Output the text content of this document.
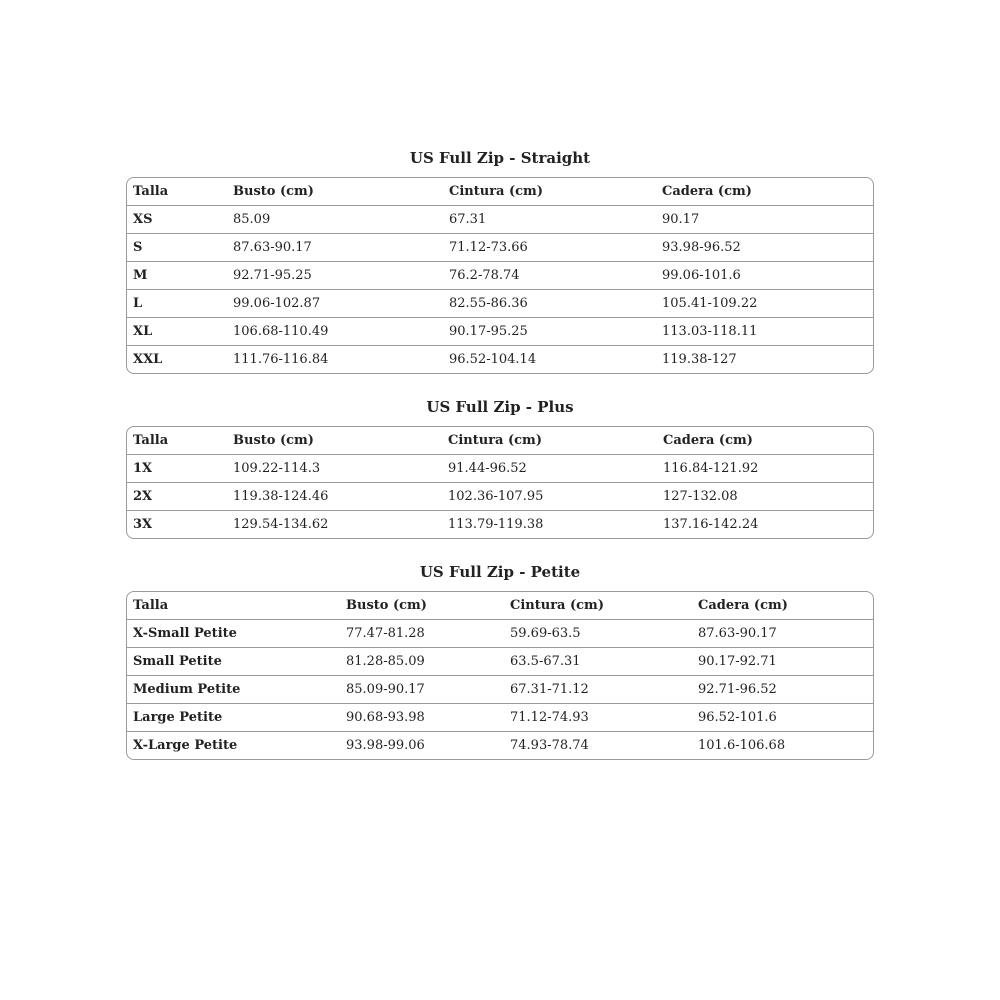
US Full Zip - Straight
Talla	Busto (cm)	Cintura (cm)	Cadera (cm)
XS	85.09	67.31	90.17
S	87.63-90.17	71.12-73.66	93.98-96.52
M	92.71-95.25	76.2-78.74	99.06-101.6
L	99.06-102.87	82.55-86.36	105.41-109.22
XL	106.68-110.49	90.17-95.25	113.03-118.11
XXL	111.76-116.84	96.52-104.14	119.38-127
US Full Zip - Plus
Talla	Busto (cm)	Cintura (cm)	Cadera (cm)
1X	109.22-114.3	91.44-96.52	116.84-121.92
2X	119.38-124.46	102.36-107.95	127-132.08
3X	129.54-134.62	113.79-119.38	137.16-142.24
US Full Zip - Petite
Talla	Busto (cm)	Cintura (cm)	Cadera (cm)
X-Small Petite	77.47-81.28	59.69-63.5	87.63-90.17
Small Petite	81.28-85.09	63.5-67.31	90.17-92.71
Medium Petite	85.09-90.17	67.31-71.12	92.71-96.52
Large Petite	90.68-93.98	71.12-74.93	96.52-101.6
X-Large Petite	93.98-99.06	74.93-78.74	101.6-106.68
